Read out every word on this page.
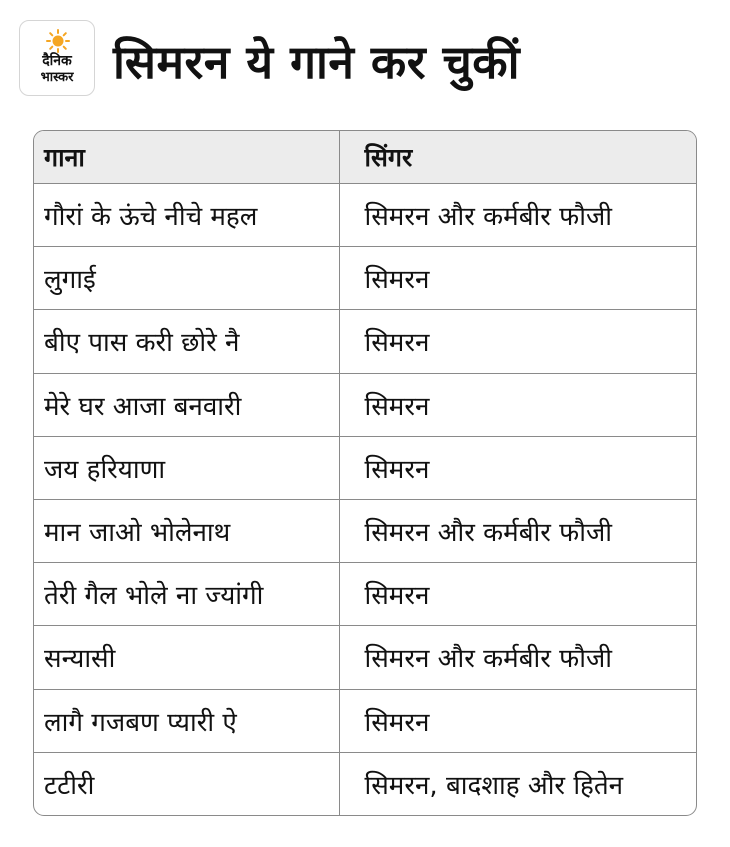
दैनिक
भास्कर सिमरन ये गाने कर चुकीं
गाना	सिंगर
गौरां के ऊंचे नीचे महल	सिमरन और कर्मबीर फौजी
लुगाई	सिमरन
बीए पास करी छोरे नै	सिमरन
मेरे घर आजा बनवारी	सिमरन
जय हरियाणा	सिमरन
मान जाओ भोलेनाथ	सिमरन और कर्मबीर फौजी
तेरी गैल भोले ना ज्यांगी	सिमरन
सन्यासी	सिमरन और कर्मबीर फौजी
लागै गजबण प्यारी ऐ	सिमरन
टटीरी	सिमरन, बादशाह और हितेन
